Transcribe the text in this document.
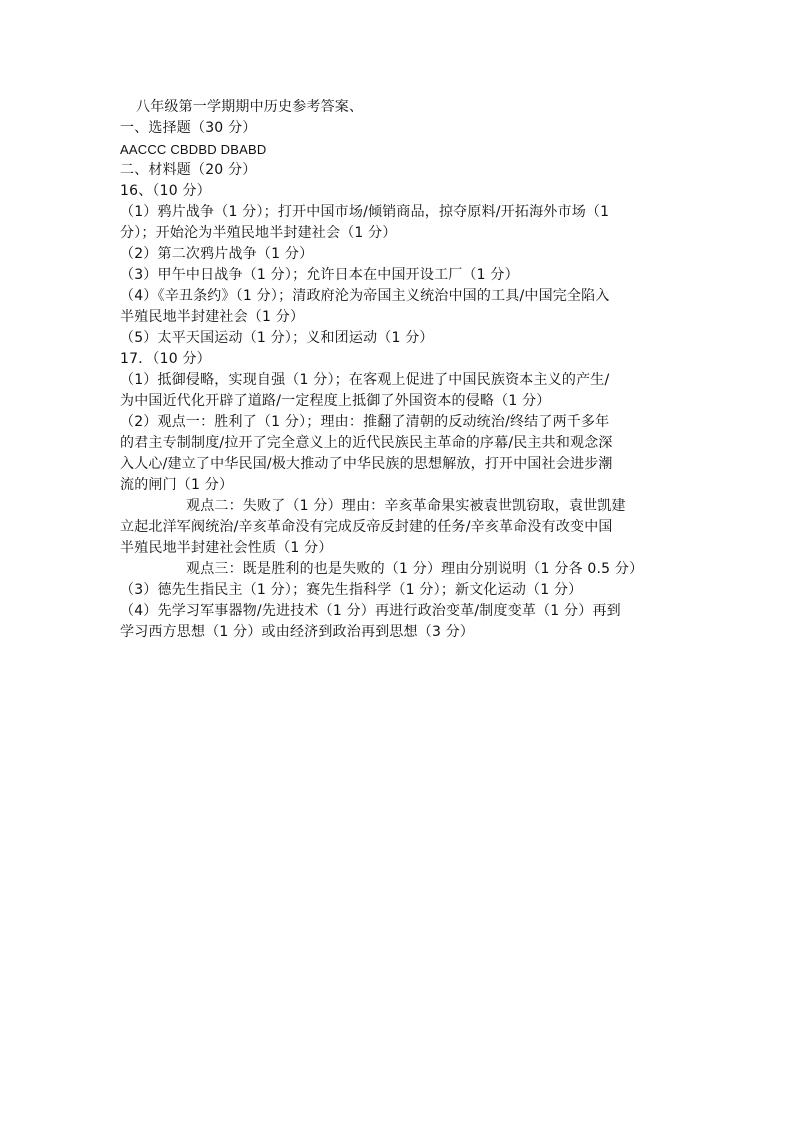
八年级第一学期期中历史参考答案、
一、选择题（30 分）
AACCC CBDBD DBABD
二、材料题（20 分）
16、（10 分）
（1）鸦片战争（1 分）；打开中国市场/倾销商品，掠夺原料/开拓海外市场（1
分）；开始沦为半殖民地半封建社会（1 分）
（2）第二次鸦片战争（1 分）
（3）甲午中日战争（1 分）；允许日本在中国开设工厂（1 分）
（4）《辛丑条约》（1 分）；清政府沦为帝国主义统治中国的工具/中国完全陷入
半殖民地半封建社会（1 分）
（5）太平天国运动（1 分）；义和团运动（1 分）
17．（10 分）
（1）抵御侵略，实现自强（1 分）；在客观上促进了中国民族资本主义的产生/
为中国近代化开辟了道路/一定程度上抵御了外国资本的侵略（1 分）
（2）观点一：胜利了（1 分）；理由：推翻了清朝的反动统治/终结了两千多年
的君主专制制度/拉开了完全意义上的近代民族民主革命的序幕/民主共和观念深
入人心/建立了中华民国/极大推动了中华民族的思想解放，打开中国社会进步潮
流的闸门（1 分）
观点二：失败了（1 分）理由：辛亥革命果实被袁世凯窃取，袁世凯建
立起北洋军阀统治/辛亥革命没有完成反帝反封建的任务/辛亥革命没有改变中国
半殖民地半封建社会性质（1 分）
观点三：既是胜利的也是失败的（1 分）理由分别说明（1 分各 0.5 分）
（3）德先生指民主（1 分）；赛先生指科学（1 分）；新文化运动（1 分）
（4）先学习军事器物/先进技术（1 分）再进行政治变革/制度变革（1 分）再到
学习西方思想（1 分）或由经济到政治再到思想（3 分）
